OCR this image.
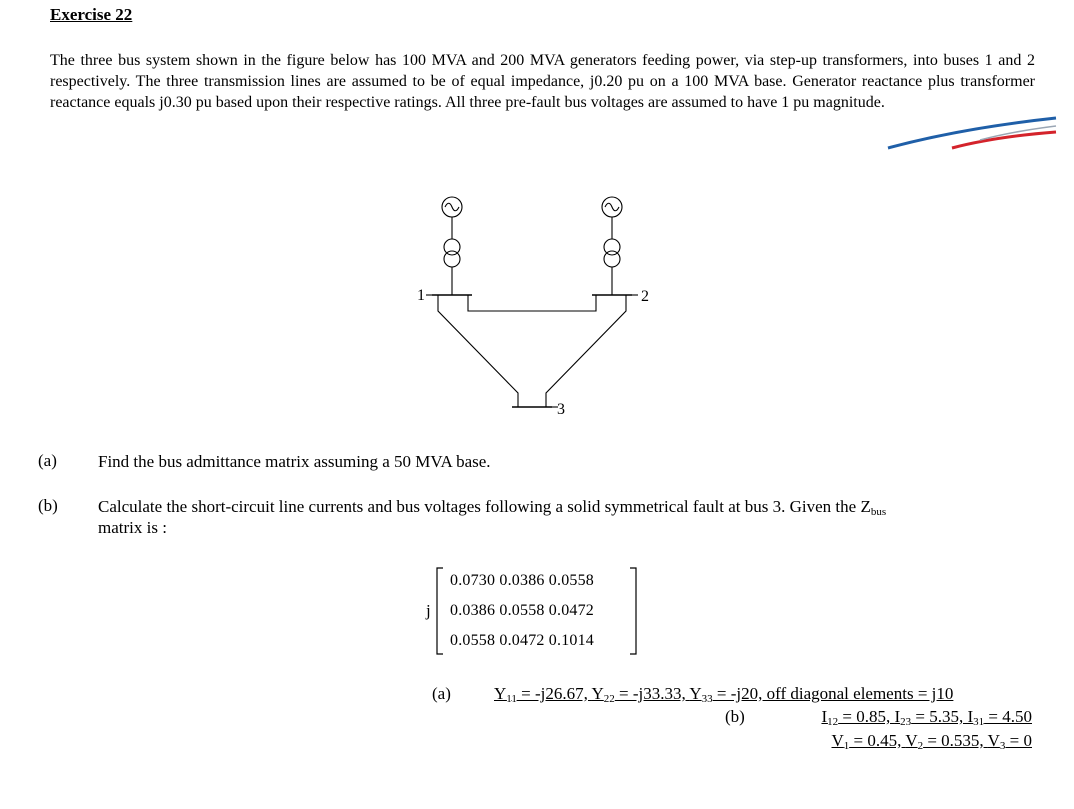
Exercise 22
The three bus system shown in the figure below has 100 MVA and 200 MVA generators feeding power, via step-up transformers, into buses 1 and 2 respectively. The three transmission lines are assumed to be of equal impedance, j0.20 pu on a 100 MVA base. Generator reactance plus transformer reactance equals j0.30 pu based upon their respective ratings. All three pre-fault bus voltages are assumed to have 1 pu magnitude.
1	2
3
(a) Find the bus admittance matrix assuming a 50 MVA base.
(b) Calculate the short-circuit line currents and bus voltages following a solid symmetrical fault at bus 3. Given the $Z_{bus}$
matrix is :
j
0.0730 0.0386 0.0558
0.0386 0.0558 0.0472
0.0558 0.0472 0.1014
(a)	$Y_{11} = -j26.67$, $Y_{22} = -j33.33$, $Y_{33} = -j20$, off diagonal elements = j10
(b)	$I_{12} = 0.85$, $I_{23} = 5.35$, $I_{31} = 4.50$
$V_1 = 0.45$, $V_2 = 0.535$, $V_3 = 0$
